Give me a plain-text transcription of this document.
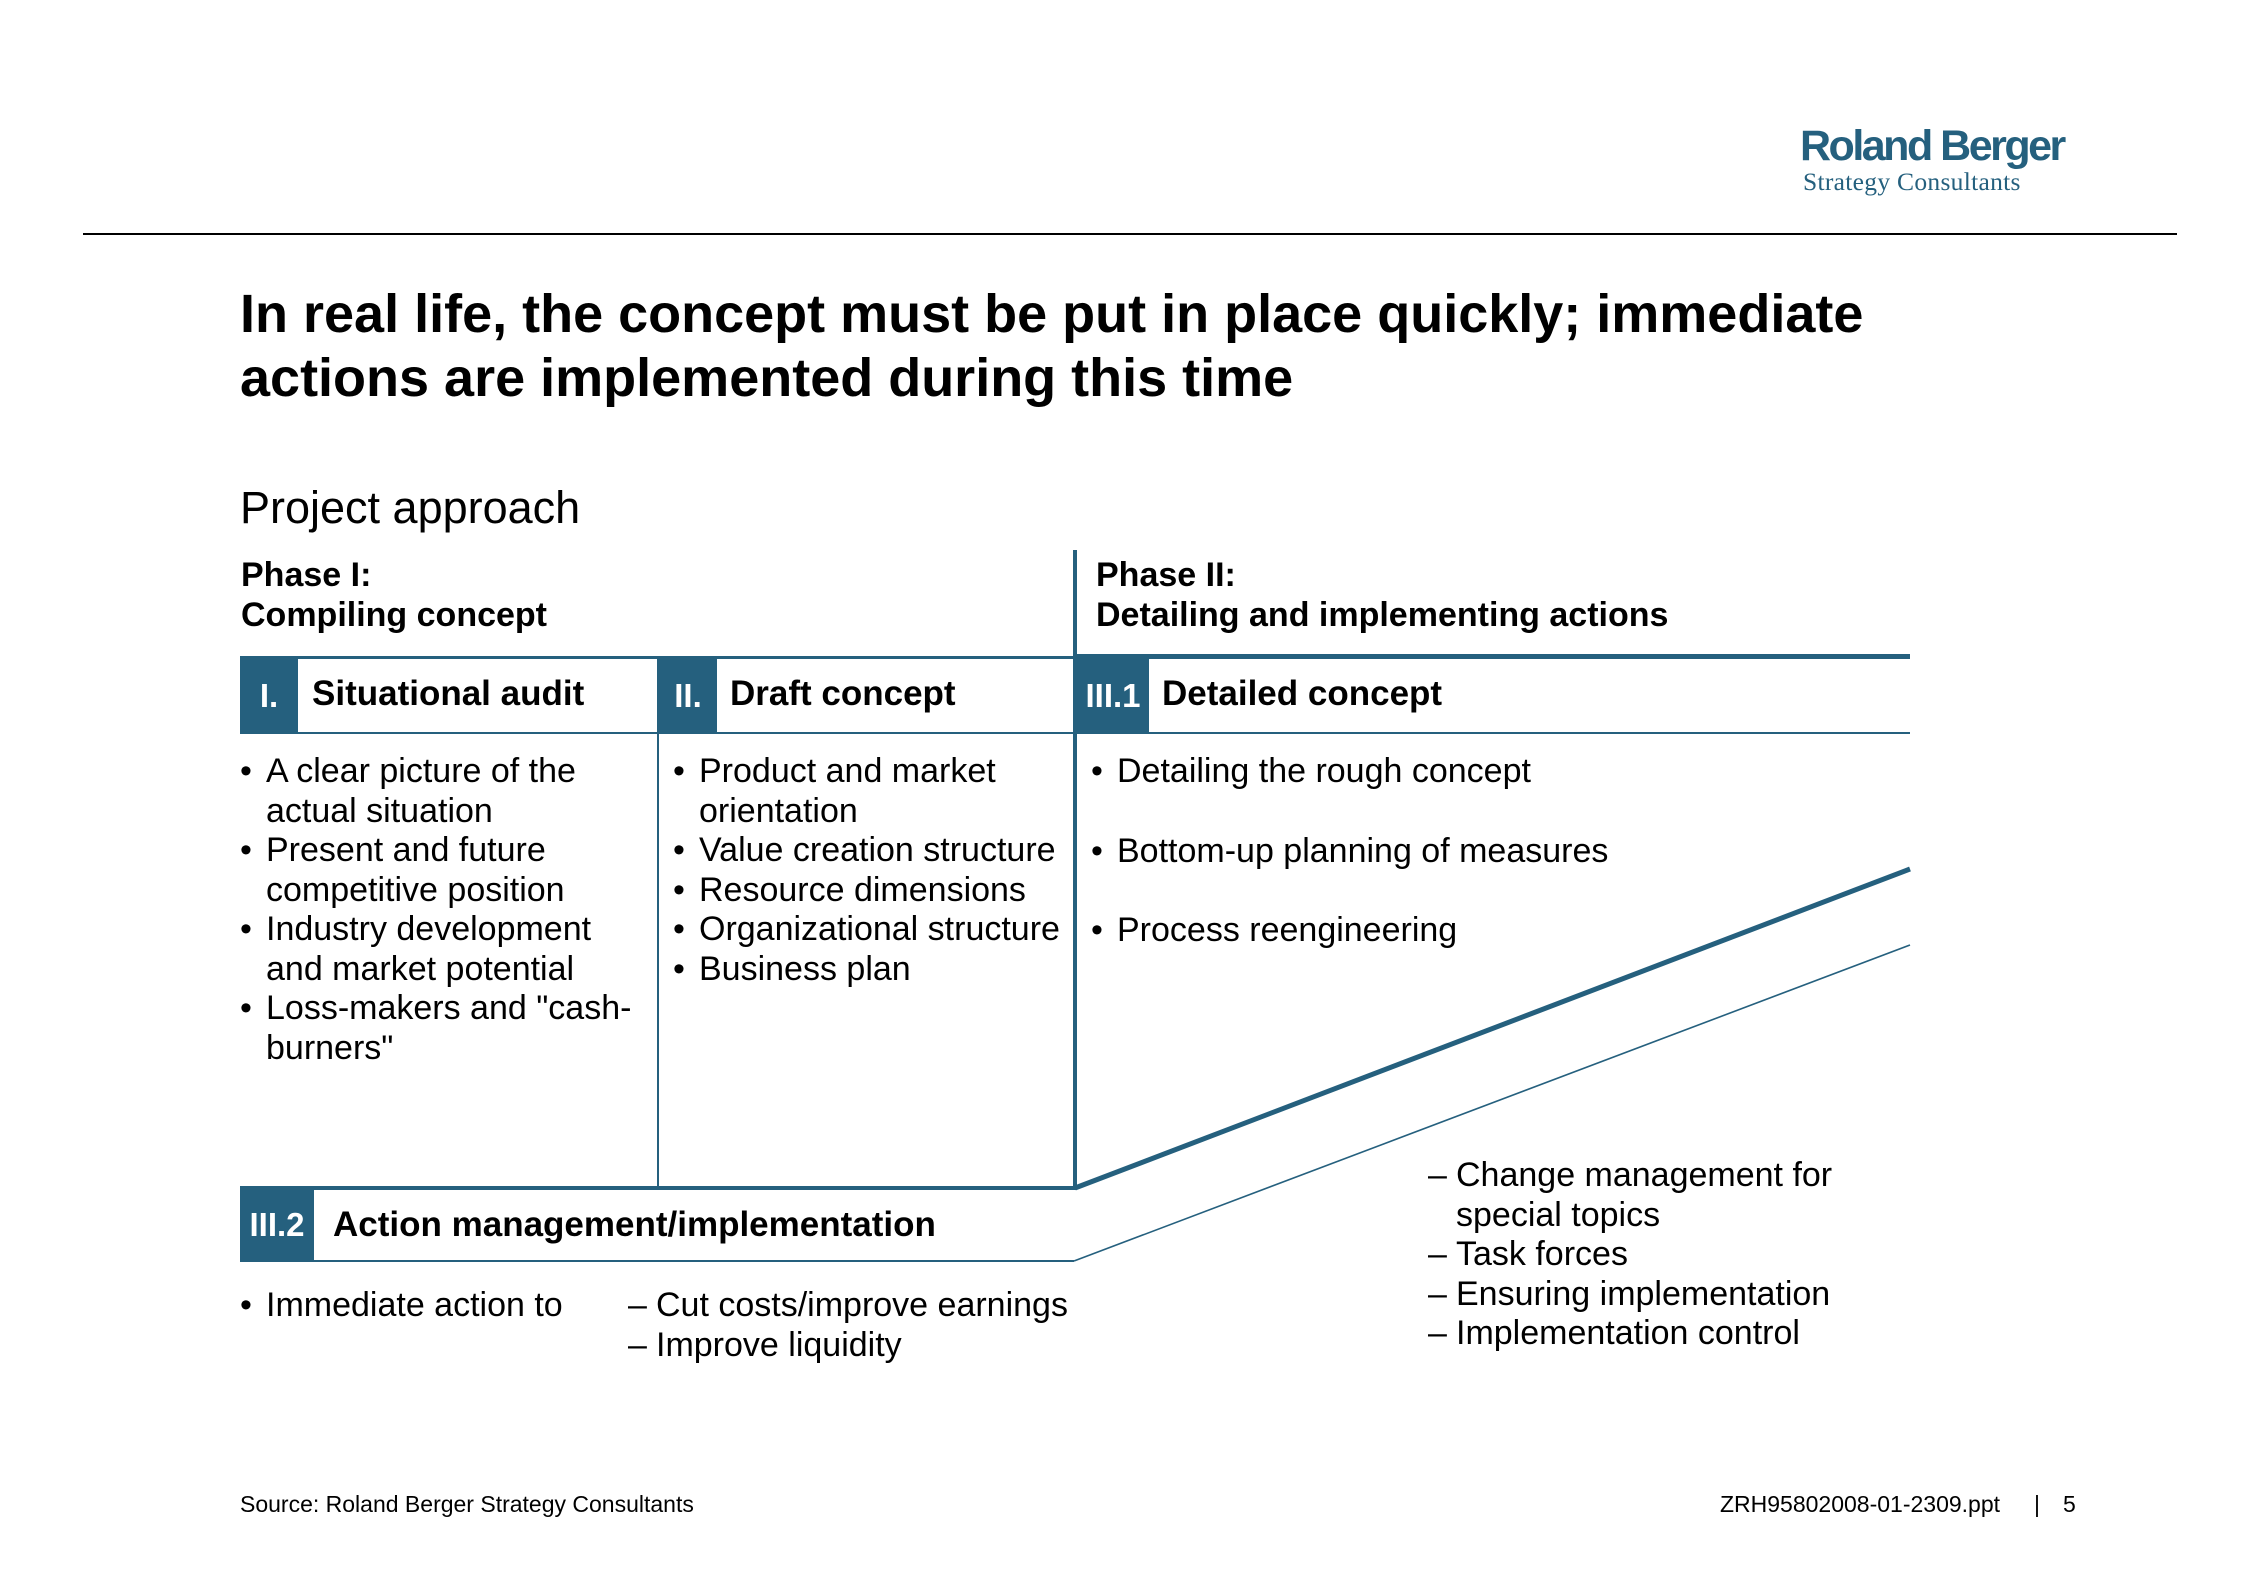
Roland Berger
Strategy Consultants
In real life, the concept must be put in place quickly; immediate actions are implemented during this time
Project approach
Phase I:
Compiling concept
Phase II:
Detailing and implementing actions
I. Situational audit
• A clear picture of the actual situation
• Present and future competitive position
• Industry development and market potential
• Loss-makers and "cash-burners"
II. Draft concept
• Product and market orientation
• Value creation structure
• Resource dimensions
• Organizational structure
• Business plan
III.1 Detailed concept
• Detailing the rough concept
• Bottom-up planning of measures
• Process reengineering
III.2 Action management/implementation
• Immediate action to
–	Cut costs/improve earnings
– Improve liquidity
– Change management for special topics
– Task forces
– Ensuring implementation
– Implementation control
Source: Roland Berger Strategy Consultants	ZRH95802008-01-2309.ppt | 5
